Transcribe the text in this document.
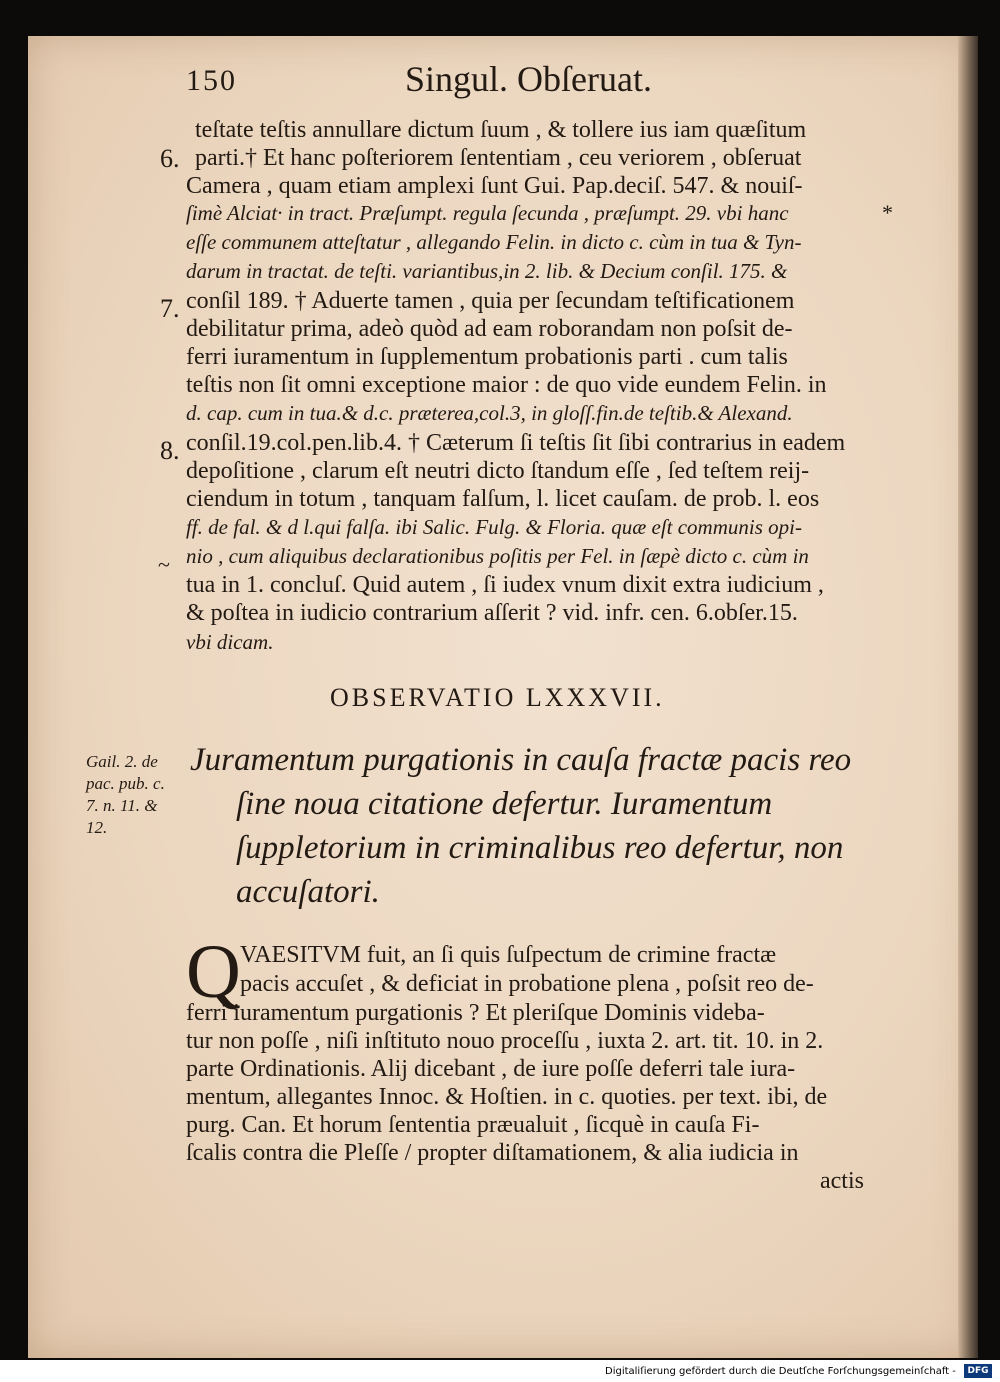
150	Singul. Obſeruat.
teſtate teſtis annullare dictum ſuum , & tollere ius iam quæſitum
parti.† Et hanc poſteriorem ſententiam , ceu veriorem , obſeruat
Camera , quam etiam amplexi ſunt Gui. Pap.deciſ. 547. & nouiſ-
ſimè Alciat· in tract. Præſumpt. regula ſecunda , præſumpt. 29. vbi hanc
eſſe communem atteſtatur , allegando Felin. in dicto c. cùm in tua & Tyn-
darum in tractat. de teſti. variantibus,in 2. lib. & Decium conſil. 175. &
conſil 189. † Aduerte tamen , quia per ſecundam teſtificationem
debilitatur prima, adeò quòd ad eam roborandam non poſsit de-
ferri iuramentum in ſupplementum probationis parti . cum talis
teſtis non ſit omni exceptione maior : de quo vide eundem Felin. in
d. cap. cum in tua.& d.c. præterea,col.3, in gloſſ.fin.de teſtib.& Alexand.
conſil.19.col.pen.lib.4. † Cæterum ſi teſtis ſit ſibi contrarius in eadem
depoſitione , clarum eſt neutri dicto ſtandum eſſe , ſed teſtem reij-
ciendum in totum , tanquam falſum, l. licet cauſam. de prob. l. eos
ff. de fal. & d l.qui falſa. ibi Salic. Fulg. & Floria. quæ eſt communis opi-
nio , cum aliquibus declarationibus poſitis per Fel. in ſæpè dicto c. cùm in
tua in 1. concluſ. Quid autem , ſi iudex vnum dixit extra iudicium ,
& poſtea in iudicio contrarium aſſerit ? vid. infr. cen. 6.obſer.15.
vbi dicam.
6.
7.
8.
*
~
OBSERVATIO LXXXVII.
Gail. 2. de
pac. pub. c.
7. n. 11. &
12.
Juramentum purgationis in cauſa fractæ pacis reo
ſine noua citatione defertur. Iuramentum
ſuppletorium in criminalibus reo defertur, non
accuſatori.
Q VAESITVM fuit, an ſi quis ſuſpectum de crimine fractæ
pacis accuſet , & deficiat in probatione plena , poſsit reo de-
ferri iuramentum purgationis ? Et pleriſque Dominis videba-
tur non poſſe , niſi inſtituto nouo proceſſu , iuxta 2. art. tit. 10. in 2.
parte Ordinationis. Alij dicebant , de iure poſſe deferri tale iura-
mentum, allegantes Innoc. & Hoſtien. in c. quoties. per text. ibi, de
purg. Can. Et horum ſententia præualuit , ſicquè in cauſa Fi-
ſcalis contra die Pleſſe / propter diſtamationem, & alia iudicia in
actis
Digitaliſierung gefördert durch die Deutſche Forſchungsgemeinſchaft -	DFG
